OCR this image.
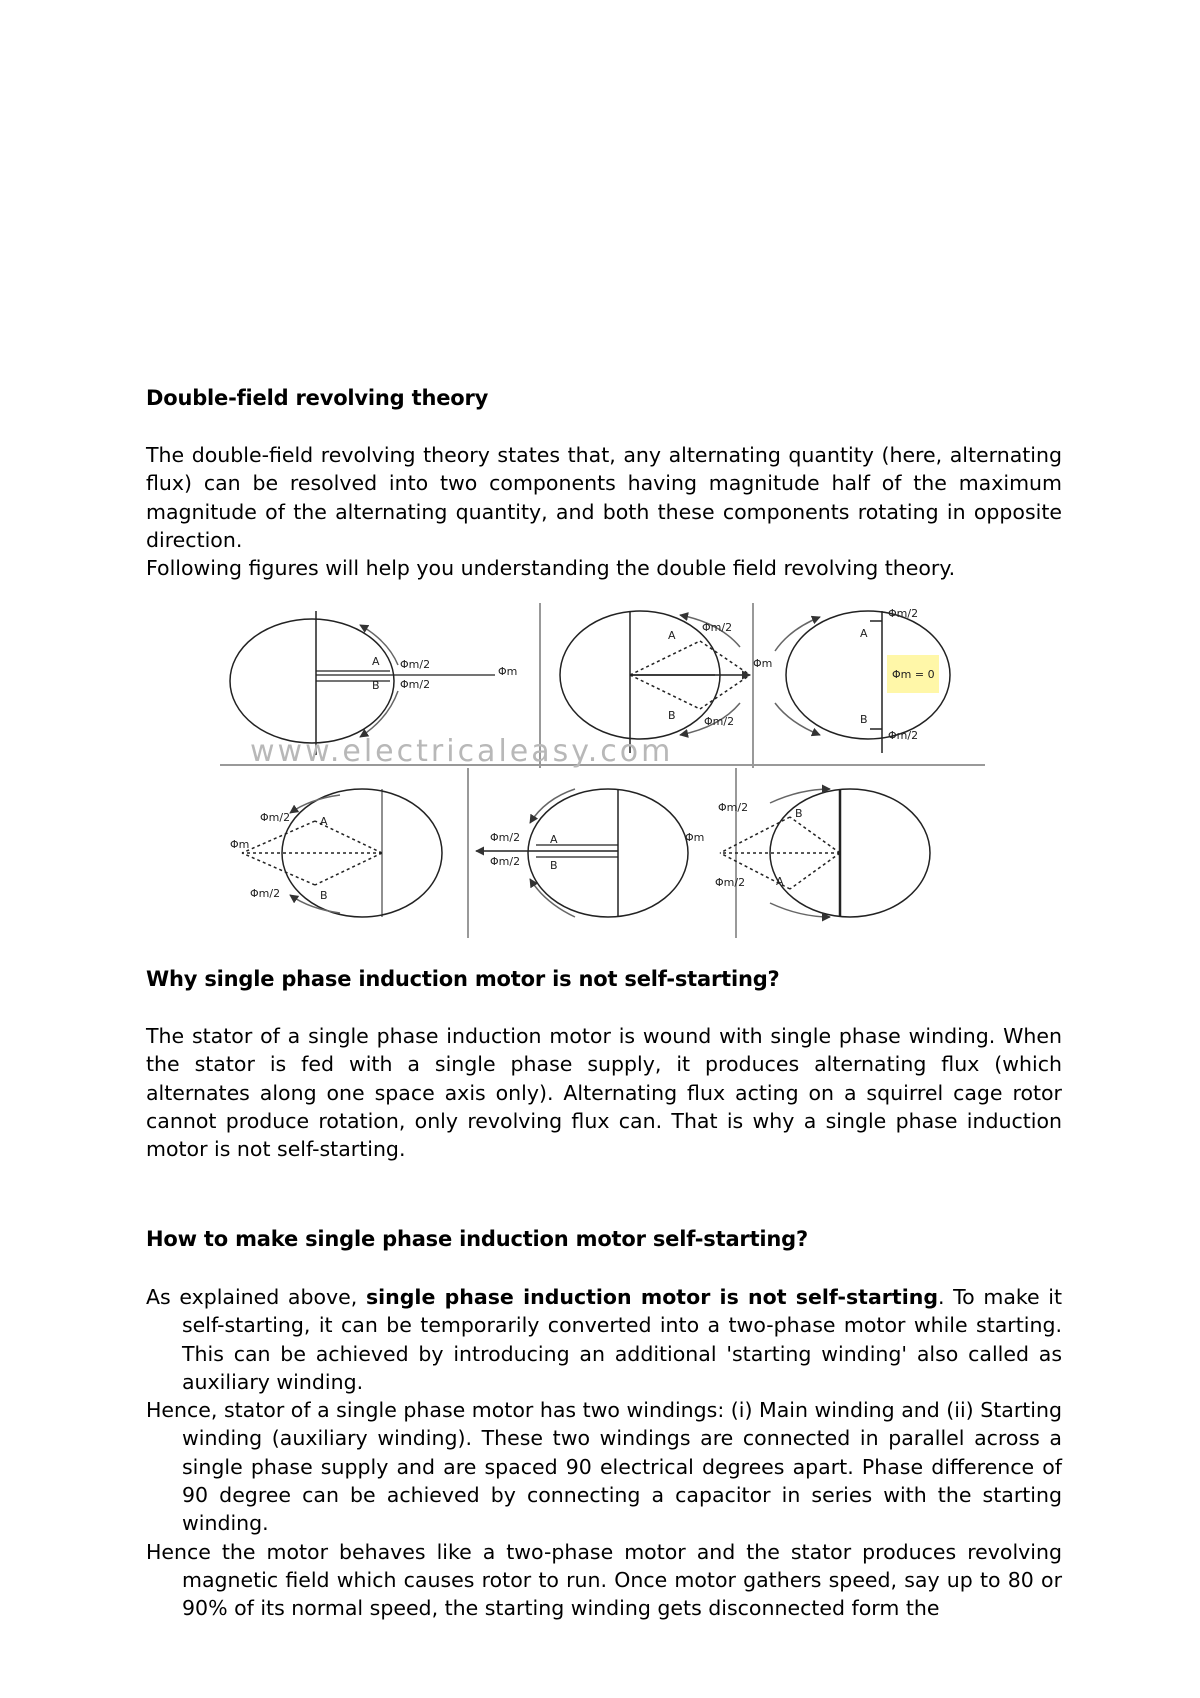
Double-field revolving theory

The double-field revolving theory states that, any alternating quantity (here, alternating flux) can be resolved into two components having magnitude half of the maximum magnitude of the alternating quantity, and both these components rotating in opposite direction.

Following figures will help you understanding the double field revolving theory.

A Φm/2
B Φm/2
Φm
A
Φm/2
Φm
B	Φm/2
Φm/2
A
Φm = 0
B
Φm/2
www.electricaleasy.com
Φm/2	A
Φm
Φm/2	B
Φm/2	A
Φm/2	B
Φm/2	B
Φm
Φm/2	A

Why single phase induction motor is not self-starting?

The stator of a single phase induction motor is wound with single phase winding. When the stator is fed with a single phase supply, it produces alternating flux (which alternates along one space axis only). Alternating flux acting on a squirrel cage rotor cannot produce rotation, only revolving flux can. That is why a single phase induction motor is not self-starting.

How to make single phase induction motor self-starting?

As explained above, single phase induction motor is not self-starting. To make it self-starting, it can be temporarily converted into a two-phase motor while starting. This can be achieved by introducing an additional 'starting winding' also called as auxiliary winding.

Hence, stator of a single phase motor has two windings: (i) Main winding and (ii) Starting winding (auxiliary winding). These two windings are connected in parallel across a single phase supply and are spaced 90 electrical degrees apart. Phase difference of 90 degree can be achieved by connecting a capacitor in series with the starting winding.

Hence the motor behaves like a two-phase motor and the stator produces revolving magnetic field which causes rotor to run. Once motor gathers speed, say up to 80 or 90% of its normal speed, the starting winding gets disconnected form the
